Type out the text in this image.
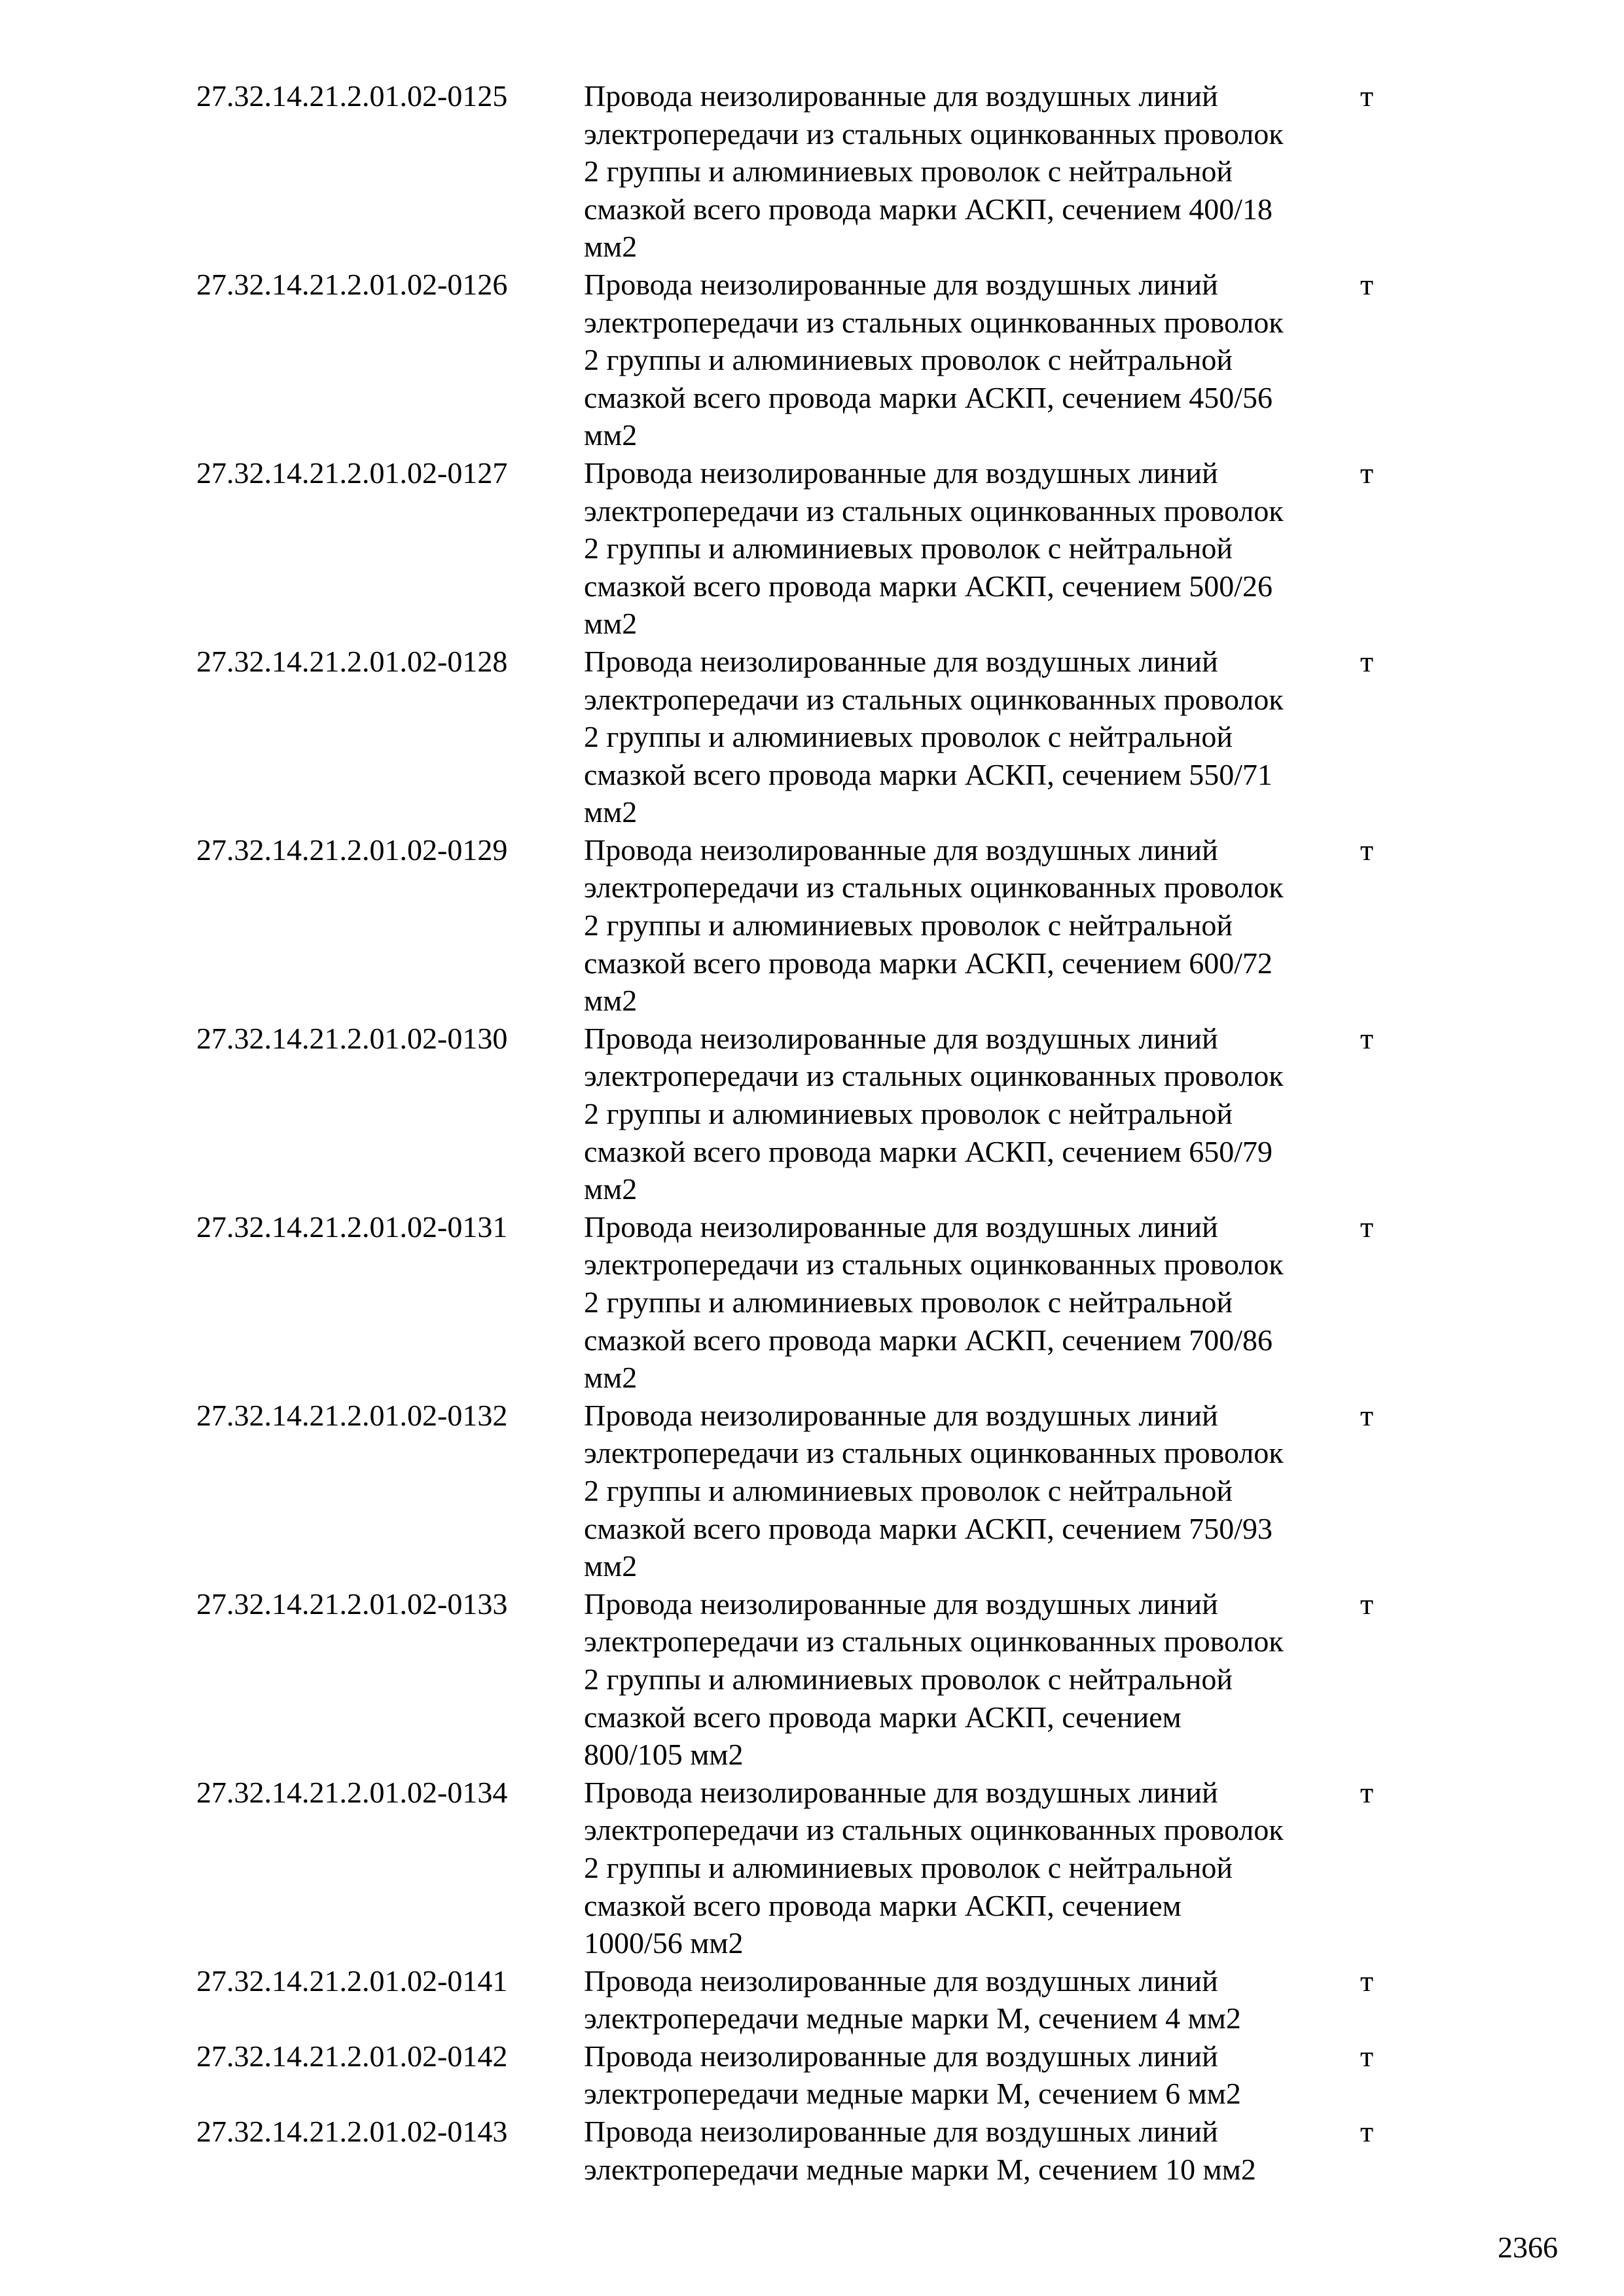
27.32.14.21.2.01.02-0125	Провода неизолированные для воздушных линий
электропередачи из стальных оцинкованных проволок
2 группы и алюминиевых проволок с нейтральной
смазкой всего провода марки АСКП, сечением 400/18
мм2
т
27.32.14.21.2.01.02-0126	Провода неизолированные для воздушных линий
электропередачи из стальных оцинкованных проволок
2 группы и алюминиевых проволок с нейтральной
смазкой всего провода марки АСКП, сечением 450/56
мм2
т
27.32.14.21.2.01.02-0127	Провода неизолированные для воздушных линий
электропередачи из стальных оцинкованных проволок
2 группы и алюминиевых проволок с нейтральной
смазкой всего провода марки АСКП, сечением 500/26
мм2
т
27.32.14.21.2.01.02-0128	Провода неизолированные для воздушных линий
электропередачи из стальных оцинкованных проволок
2 группы и алюминиевых проволок с нейтральной
смазкой всего провода марки АСКП, сечением 550/71
мм2
т
27.32.14.21.2.01.02-0129	Провода неизолированные для воздушных линий
электропередачи из стальных оцинкованных проволок
2 группы и алюминиевых проволок с нейтральной
смазкой всего провода марки АСКП, сечением 600/72
мм2
т
27.32.14.21.2.01.02-0130	Провода неизолированные для воздушных линий
электропередачи из стальных оцинкованных проволок
2 группы и алюминиевых проволок с нейтральной
смазкой всего провода марки АСКП, сечением 650/79
мм2
т
27.32.14.21.2.01.02-0131	Провода неизолированные для воздушных линий
электропередачи из стальных оцинкованных проволок
2 группы и алюминиевых проволок с нейтральной
смазкой всего провода марки АСКП, сечением 700/86
мм2
т
27.32.14.21.2.01.02-0132	Провода неизолированные для воздушных линий
электропередачи из стальных оцинкованных проволок
2 группы и алюминиевых проволок с нейтральной
смазкой всего провода марки АСКП, сечением 750/93
мм2
т
27.32.14.21.2.01.02-0133	Провода неизолированные для воздушных линий
электропередачи из стальных оцинкованных проволок
2 группы и алюминиевых проволок с нейтральной
смазкой всего провода марки АСКП, сечением
800/105 мм2
т
27.32.14.21.2.01.02-0134	Провода неизолированные для воздушных линий
электропередачи из стальных оцинкованных проволок
2 группы и алюминиевых проволок с нейтральной
смазкой всего провода марки АСКП, сечением
1000/56 мм2
т
27.32.14.21.2.01.02-0141	Провода неизолированные для воздушных линий
электропередачи медные марки М, сечением 4 мм2
т
27.32.14.21.2.01.02-0142	Провода неизолированные для воздушных линий
электропередачи медные марки М, сечением 6 мм2
т
27.32.14.21.2.01.02-0143	Провода неизолированные для воздушных линий
электропередачи медные марки М, сечением 10 мм2
т
2366
